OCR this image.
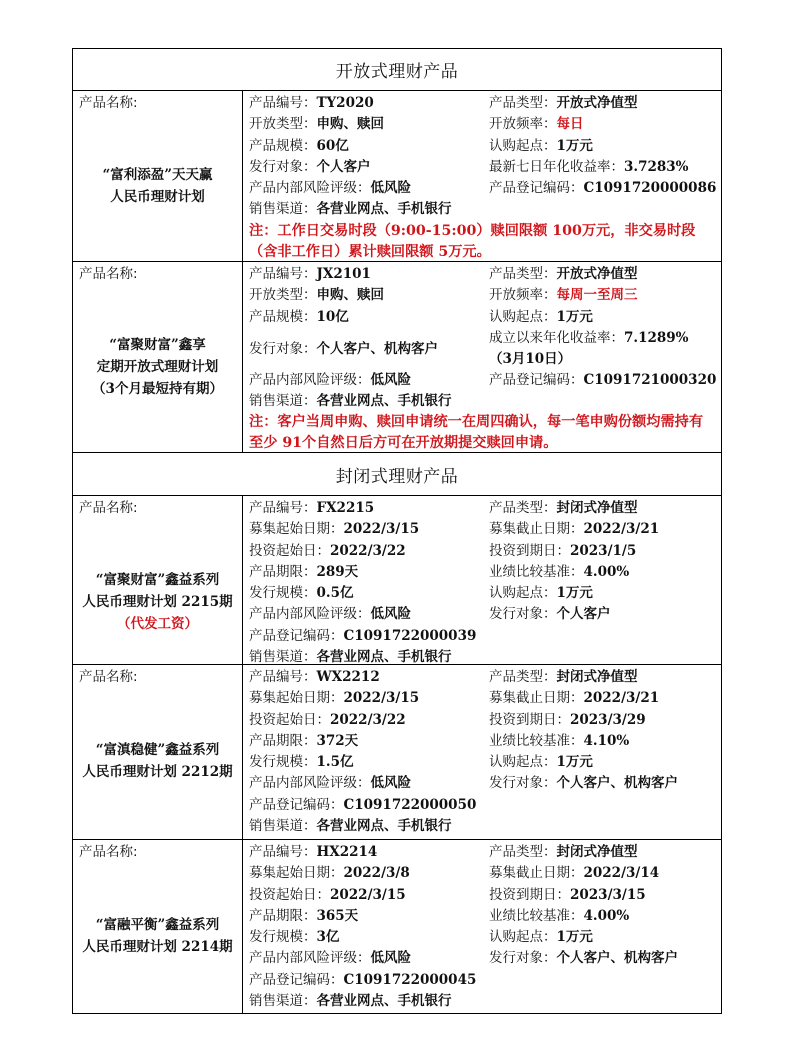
开放式理财产品
产品名称:
“富利添盈”天天赢
人民币理财计划
产品编号：TY2020
开放类型：申购、赎回
产品规模：60亿
发行对象：个人客户
产品内部风险评级：低风险
销售渠道：各营业网点、手机银行
产品类型：开放式净值型
开放频率：每日
认购起点：1万元
最新七日年化收益率：3.7283%
产品登记编码：C1091720000086
注：工作日交易时段（9:00-15:00）赎回限额 100万元，非交易时段（含非工作日）累计赎回限额 5万元。
产品名称:
“富聚财富”鑫享
定期开放式理财计划
（3个月最短持有期）
产品编号：JX2101
开放类型：申购、赎回
产品规模：10亿
发行对象：个人客户、机构客户
产品内部风险评级：低风险
销售渠道：各营业网点、手机银行
产品类型：开放式净值型
开放频率：每周一至周三
认购起点：1万元
成立以来年化收益率：7.1289%
（3月10日）
产品登记编码：C1091721000320
注：客户当周申购、赎回申请统一在周四确认，每一笔申购份额均需持有至少 91个自然日后方可在开放期提交赎回申请。
封闭式理财产品
产品名称:
“富聚财富”鑫益系列
人民币理财计划 2215期
（代发工资）
产品编号：FX2215
募集起始日期：2022/3/15
投资起始日：2022/3/22
产品期限：289天
发行规模：0.5亿
产品内部风险评级：低风险
产品登记编码：C1091722000039
销售渠道：各营业网点、手机银行
产品类型：封闭式净值型
募集截止日期：2022/3/21
投资到期日：2023/1/5
业绩比较基准：4.00%
认购起点：1万元
发行对象：个人客户
产品名称:
“富滇稳健”鑫益系列
人民币理财计划 2212期
产品编号：WX2212
募集起始日期：2022/3/15
投资起始日：2022/3/22
产品期限：372天
发行规模：1.5亿
产品内部风险评级：低风险
产品登记编码：C1091722000050
销售渠道：各营业网点、手机银行
产品类型：封闭式净值型
募集截止日期：2022/3/21
投资到期日：2023/3/29
业绩比较基准：4.10%
认购起点：1万元
发行对象：个人客户、机构客户
产品名称:
“富融平衡”鑫益系列
人民币理财计划 2214期
产品编号：HX2214
募集起始日期：2022/3/8
投资起始日：2022/3/15
产品期限：365天
发行规模：3亿
产品内部风险评级：低风险
产品登记编码：C1091722000045
销售渠道：各营业网点、手机银行
产品类型：封闭式净值型
募集截止日期：2022/3/14
投资到期日：2023/3/15
业绩比较基准：4.00%
认购起点：1万元
发行对象：个人客户、机构客户
